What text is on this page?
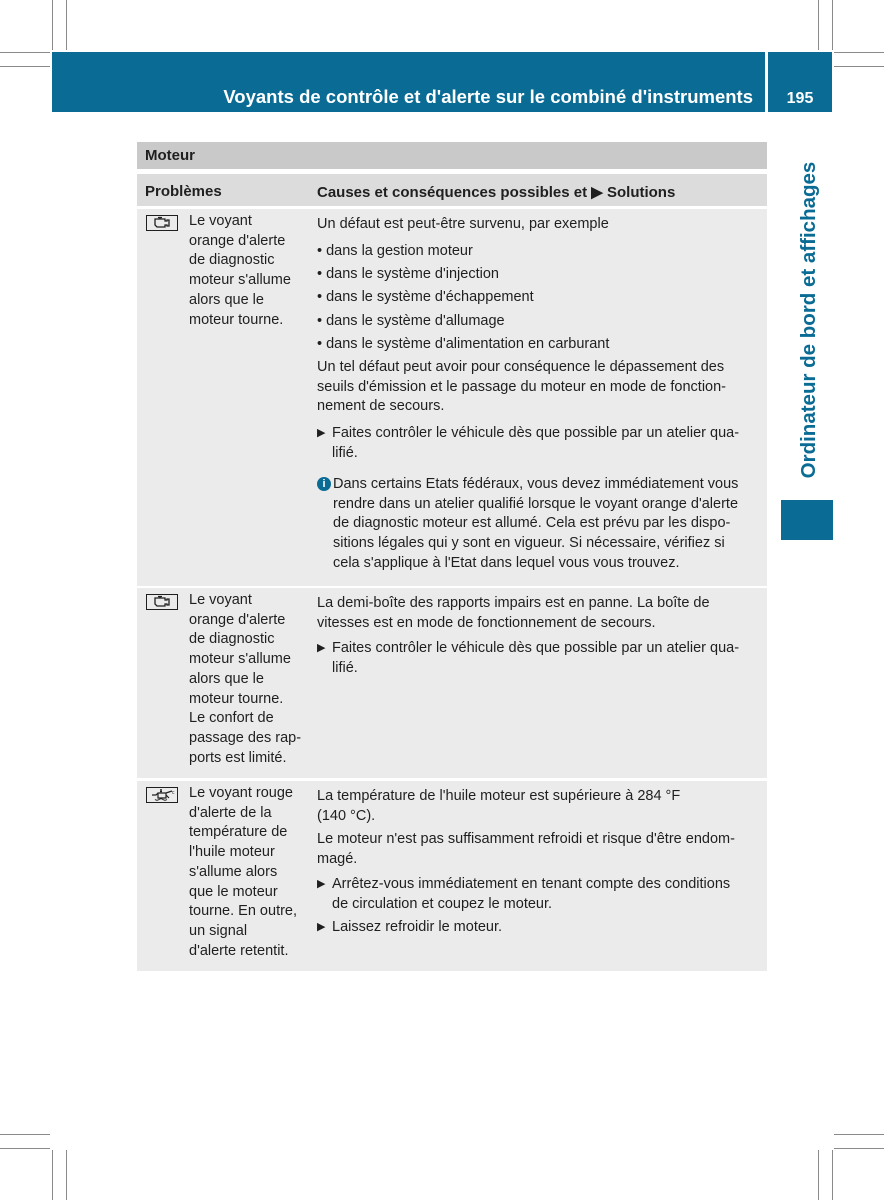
Voyants de contrôle et d'alerte sur le combiné d'instruments	195
Ordinateur de bord et affichages
Moteur
Problèmes	Causes et conséquences possibles et ▶ Solutions
Le voyant
orange d'alerte
de diagnostic
moteur s'allume
alors que le
moteur tourne.
Un défaut est peut-être survenu, par exemple
• dans la gestion moteur
• dans le système d'injection
• dans le système d'échappement
• dans le système d'allumage
• dans le système d'alimentation en carburant
Un tel défaut peut avoir pour conséquence le dépassement des
seuils d'émission et le passage du moteur en mode de fonction-
nement de secours.
▶ Faites contrôler le véhicule dès que possible par un atelier qua-
lifié.
i Dans certains Etats fédéraux, vous devez immédiatement vous
rendre dans un atelier qualifié lorsque le voyant orange d'alerte
de diagnostic moteur est allumé. Cela est prévu par les dispo-
sitions légales qui y sont en vigueur. Si nécessaire, vérifiez si
cela s'applique à l'Etat dans lequel vous vous trouvez.
Le voyant
orange d'alerte
de diagnostic
moteur s'allume
alors que le
moteur tourne.
Le confort de
passage des rap-
ports est limité.
La demi-boîte des rapports impairs est en panne. La boîte de
vitesses est en mode de fonctionnement de secours.
▶ Faites contrôler le véhicule dès que possible par un atelier qua-
lifié.
c Le voyant rouge
d'alerte de la
température de
l'huile moteur
s'allume alors
que le moteur
tourne. En outre,
un signal
d'alerte retentit.
La température de l'huile moteur est supérieure à 284 °F
(140 °C).
Le moteur n'est pas suffisamment refroidi et risque d'être endom-
magé.
▶ Arrêtez-vous immédiatement en tenant compte des conditions
de circulation et coupez le moteur.
▶ Laissez refroidir le moteur.
